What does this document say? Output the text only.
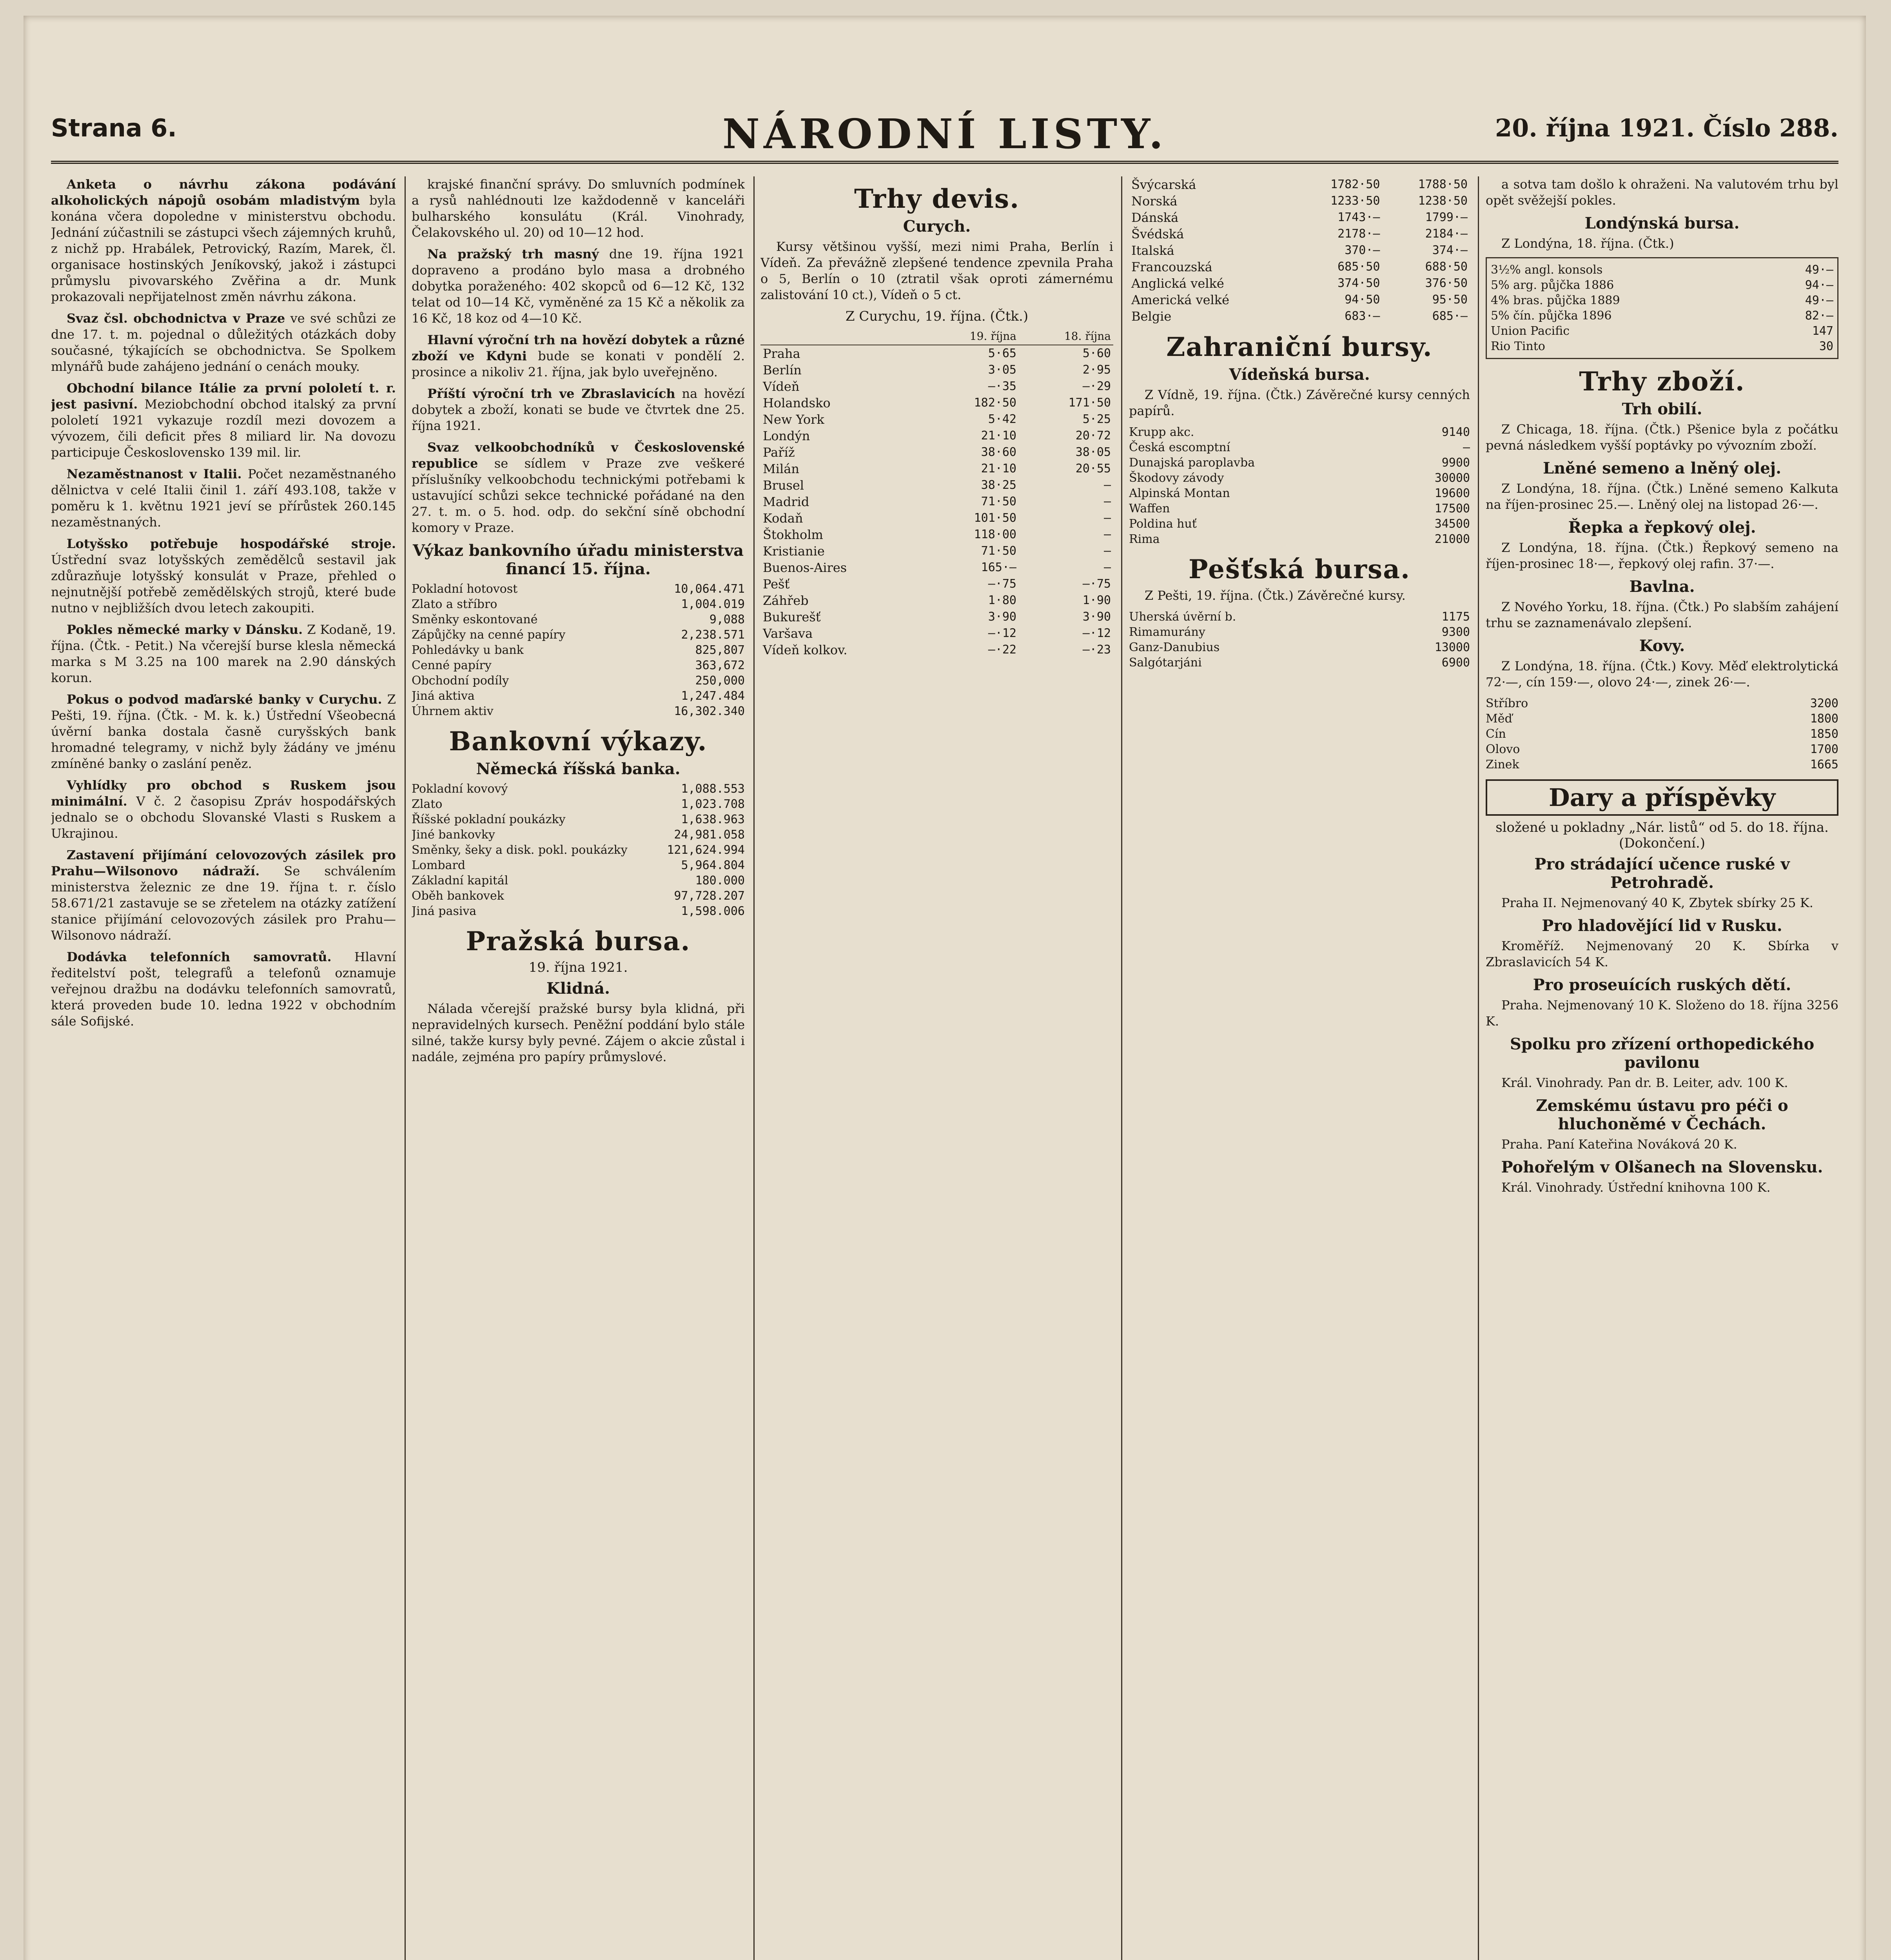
Strana 6.	NÁRODNÍ LISTY.	20. října 1921. Číslo 288.

Anketa o návrhu zákona podávání alkoholických nápojů osobám mladistvým byla konána včera dopoledne v ministerstvu obchodu. Jednání zúčastnili se zástupci všech zájemných kruhů, z nichž pp. Hrabálek, Petrovický, Razím, Marek, čl. organisace hostinských Jeníkovský, jakož i zástupci průmyslu pivovarského Zvěřina a dr. Munk prokazovali nepřijatelnost změn návrhu zákona.

Svaz čsl. obchodnictva v Praze ve své schůzi ze dne 17. t. m. pojednal o důležitých otázkách doby současné, týkajících se obchodnictva. Se Spolkem mlynářů bude zahájeno jednání o cenách mouky.

Obchodní bilance Itálie za první pololetí t. r. jest pasivní. Meziobchodní obchod italský za první pololetí 1921 vykazuje rozdíl mezi dovozem a vývozem, čili deficit přes 8 miliard lir. Na dovozu participuje Československo 139 mil. lir.

Nezaměstnanost v Italii. Počet nezaměstnaného dělnictva v celé Italii činil 1. září 493.108, takže v poměru k 1. květnu 1921 jeví se přírůstek 260.145 nezaměstnaných.

Lotyšsko potřebuje hospodářské stroje. Ústřední svaz lotyšských zemědělců sestavil jak zdůrazňuje lotyšský konsulát v Praze, přehled o nejnutnější potřebě zemědělských strojů, které bude nutno v nejbližších dvou letech zakoupiti.

Pokles německé marky v Dánsku. Z Kodaně, 19. října. (Čtk. - Petit.) Na včerejší burse klesla německá marka s M 3.25 na 100 marek na 2.90 dánských korun.

Pokus o podvod maďarské banky v Curychu. Z Pešti, 19. října. (Čtk. - M. k. k.) Ústřední Všeobecná úvěrní banka dostala časně curyšských bank hromadné telegramy, v nichž byly žádány ve jménu zmíněné banky o zaslání peněz.

Vyhlídky pro obchod s Ruskem jsou minimální. V č. 2 časopisu Zpráv hospodářských jednalo se o obchodu Slovanské Vlasti s Ruskem a Ukrajinou.

Zastavení přijímání celovozových zásilek pro Prahu—Wilsonovo nádraží. Se schválením ministerstva železnic ze dne 19. října t. r. číslo 58.671/21 zastavuje se se zřetelem na otázky zatížení stanice přijímání celovozových zásilek pro Prahu—Wilsonovo nádraží.

Dodávka telefonních samovratů. Hlavní ředitelství pošt, telegrafů a telefonů oznamuje veřejnou dražbu na dodávku telefonních samovratů, která proveden bude 10. ledna 1922 v obchodním sále Sofijské.

krajské finanční správy. Do smluvních podmínek a rysů nahlédnouti lze každodenně v kanceláři bulharského konsulátu (Král. Vinohrady, Čelakovského ul. 20) od 10—12 hod.

Na pražský trh masný dne 19. října 1921 dopraveno a prodáno bylo masa a drobného dobytka poraženého: 402 skopců od 6—12 Kč, 132 telat od 10—14 Kč, vyměněné za 15 Kč a několik za 16 Kč, 18 koz od 4—10 Kč.

Hlavní výroční trh na hovězí dobytek a různé zboží ve Kdyni bude se konati v pondělí 2. prosince a nikoliv 21. října, jak bylo uveřejněno.

Příští výroční trh ve Zbraslavicích na hovězí dobytek a zboží, konati se bude ve čtvrtek dne 25. října 1921.

Svaz velkoobchodníků v Československé republice se sídlem v Praze zve veškeré příslušníky velkoobchodu technickými potřebami k ustavující schůzi sekce technické pořádané na den 27. t. m. o 5. hod. odp. do sekční síně obchodní komory v Praze.

Výkaz bankovního úřadu ministerstva financí 15. října.
Pokladní hotovost	10,064.471
Zlato a stříbro	1,004.019
Směnky eskontované	9,088
Zápůjčky na cenné papíry	2,238.571
Pohledávky u bank	825,807
Cenné papíry	363,672
Obchodní podíly	250,000
Jiná aktiva	1,247.484
Úhrnem aktiv	16,302.340
Bankovní výkazy.
Německá říšská banka.
Pokladní kovový	1,088.553
Zlato	1,023.708
Říšské pokladní poukázky	1,638.963
Jiné bankovky	24,981.058
Směnky, šeky a disk. pokl. poukázky	121,624.994
Lombard	5,964.804
Základní kapitál	180.000
Oběh bankovek	97,728.207
Jiná pasiva	1,598.006
Pražská bursa.
19. října 1921.
Klidná.

Nálada včerejší pražské bursy byla klidná, při nepravidelných kursech. Peněžní poddání bylo stále silné, takže kursy byly pevné. Zájem o akcie zůstal i nadále, zejména pro papíry průmyslové.

Trhy devis.
Curych.

Kursy většinou vyšší, mezi nimi Praha, Berlín i Vídeň. Za převážně zlepšené tendence zpevnila Praha o 5, Berlín o 10 (ztratil však oproti zámernému zalistování 10 ct.), Vídeň o 5 ct.

Z Curychu, 19. října. (Čtk.)
	19. října	18. října
Praha	5·65	5·60
Berlín	3·05	2·95
Vídeň	—·35	—·29
Holandsko	182·50	171·50
New York	5·42	5·25
Londýn	21·10	20·72
Paříž	38·60	38·05
Milán	21·10	20·55
Brusel	38·25	—
Madrid	71·50	—
Kodaň	101·50	—
Štokholm	118·00	—
Kristianie	71·50	—
Buenos-Aires	165·—	—
Pešť	—·75	—·75
Záhřeb	1·80	1·90
Bukurešť	3·90	3·90
Varšava	—·12	—·12
Vídeň kolkov.	—·22	—·23
Švýcarská	1782·50	1788·50
Norská	1233·50	1238·50
Dánská	1743·—	1799·—
Švédská	2178·—	2184·—
Italská	370·—	374·—
Francouzská	685·50	688·50
Anglická velké	374·50	376·50
Americká velké	94·50	95·50
Belgie	683·—	685·—
Zahraniční bursy.
Vídeňská bursa.

Z Vídně, 19. října. (Čtk.) Závěrečné kursy cenných papírů.

Krupp akc.	9140
Česká escomptní	—
Dunajská paroplavba	9900
Škodovy závody	30000
Alpinská Montan	19600
Waffen	17500
Poldina huť	34500
Rima	21000
Pešťská bursa.

Z Pešti, 19. října. (Čtk.) Závěrečné kursy.

Uherská úvěrní b.	1175
Rimamurány	9300
Ganz-Danubius	13000
Salgótarjáni	6900

a sotva tam došlo k ohraženi. Na valutovém trhu byl opět svěžejší pokles.

Londýnská bursa.

Z Londýna, 18. října. (Čtk.)

3½% angl. konsols	49·—
5% arg. půjčka 1886	94·—
4% bras. půjčka 1889	49·—
5% čín. půjčka 1896	82·—
Union Pacific	147
Rio Tinto	30
Trhy zboží.
Trh obilí.

Z Chicaga, 18. října. (Čtk.) Pšenice byla z počátku pevná následkem vyšší poptávky po vývozním zboží.

Lněné semeno a lněný olej.

Z Londýna, 18. října. (Čtk.) Lněné semeno Kalkuta na říjen-prosinec 25.—. Lněný olej na listopad 26·—.

Řepka a řepkový olej.

Z Londýna, 18. října. (Čtk.) Řepkový semeno na říjen-prosinec 18·—, řepkový olej rafin. 37·—.

Bavlna.

Z Nového Yorku, 18. října. (Čtk.) Po slabším zahájení trhu se zaznamenávalo zlepšení.

Kovy.

Z Londýna, 18. října. (Čtk.) Kovy. Měď elektrolytická 72·—, cín 159·—, olovo 24·—, zinek 26·—.

Stříbro	3200
Měď	1800
Cín	1850
Olovo	1700
Zinek	1665
Dary a příspěvky
složené u pokladny „Nár. listů“ od 5. do 18. října. (Dokončení.)
Pro strádající učence ruské v Petrohradě.

Praha II. Nejmenovaný 40 K, Zbytek sbírky 25 K.

Pro hladovějící lid v Rusku.

Kroměříž. Nejmenovaný 20 K. Sbírka v Zbraslavicích 54 K.

Pro proseuících ruských dětí.

Praha. Nejmenovaný 10 K. Složeno do 18. října 3256 K.

Spolku pro zřízení orthopedického pavilonu

Král. Vinohrady. Pan dr. B. Leiter, adv. 100 K.

Zemskému ústavu pro péči o hluchoněmé v Čechách.

Praha. Paní Kateřina Nováková 20 K.

Pohořelým v Olšanech na Slovensku.

Král. Vinohrady. Ústřední knihovna 100 K.
